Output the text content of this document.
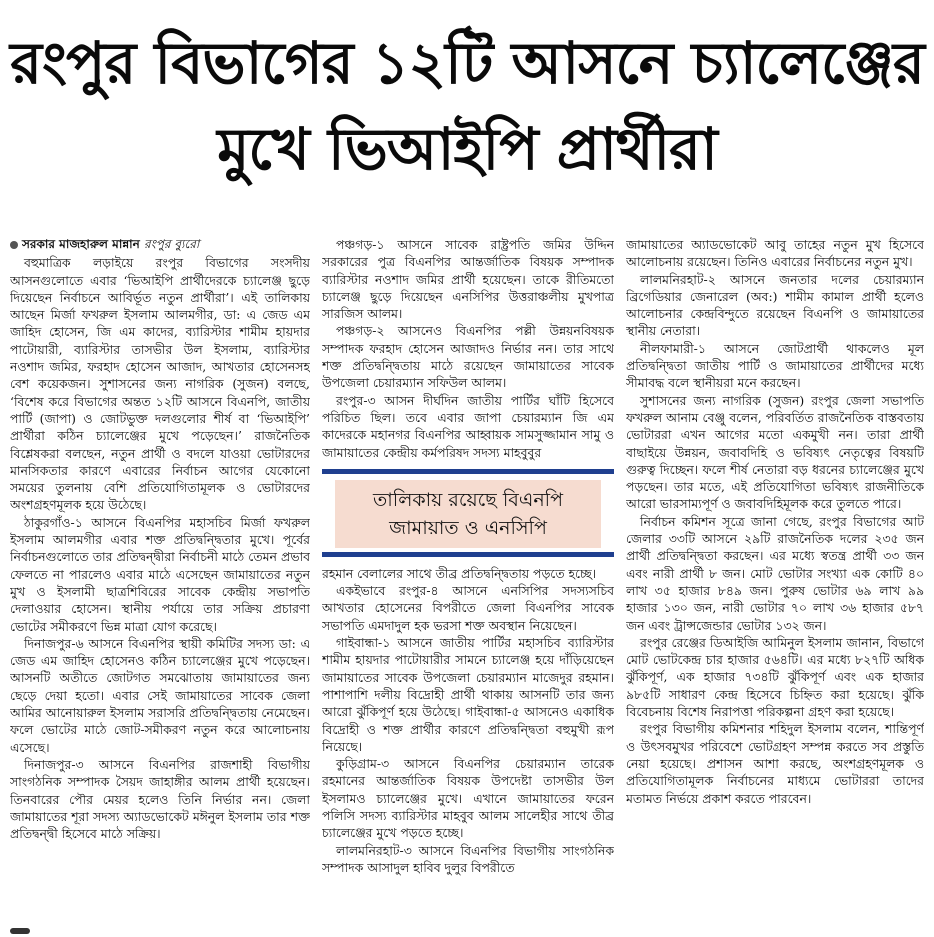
রংপুর বিভাগের ১২টি আসনে চ্যালেঞ্জের
মুখে ভিআইপি প্রার্থীরা
সরকার মাজহারুল মান্নান রংপুর ব্যুরো

বহুমাত্রিক লড়াইয়ে রংপুর বিভাগের সংসদীয় আসনগুলোতে এবার ‘ভিআইপি প্রার্থীদেরকে চ্যালেঞ্জ ছুড়ে দিয়েছেন নির্বাচনে আবির্ভূত নতুন প্রার্থীরা’। এই তালিকায় আছেন মির্জা ফখরুল ইসলাম আলমগীর, ডা: এ জেড এম জাহিদ হোসেন, জি এম কাদের, ব্যারিস্টার শামীম হায়দার পাটোয়ারী, ব্যারিস্টার তাসভীর উল ইসলাম, ব্যারিস্টার নওশাদ জমির, ফরহাদ হোসেন আজাদ, আখতার হোসেনসহ বেশ কয়েকজন। সুশাসনের জন্য নাগরিক (সুজন) বলছে, ‘বিশেষ করে বিভাগের অন্তত ১২টি আসনে বিএনপি, জাতীয় পার্টি (জাপা) ও জোটভুক্ত দলগুলোর শীর্ষ বা ‘ভিআইপি’ প্রার্থীরা কঠিন চ্যালেঞ্জের মুখে পড়েছেন।’ রাজনৈতিক বিশ্লেষকরা বলছেন, নতুন প্রার্থী ও বদলে যাওয়া ভোটারদের মানসিকতার কারণে এবারের নির্বাচন আগের যেকোনো সময়ের তুলনায় বেশি প্রতিযোগিতামূলক ও ভোটারদের অংশগ্রহণমূলক হয়ে উঠেছে।

ঠাকুরগাঁও-১ আসনে বিএনপির মহাসচিব মির্জা ফখরুল ইসলাম আলমগীর এবার শক্ত প্রতিদ্বন্দ্বিতার মুখে। পূর্বের নির্বাচনগুলোতে তার প্রতিদ্বন্দ্বীরা নির্বাচনী মাঠে তেমন প্রভাব ফেলতে না পারলেও এবার মাঠে এসেছেন জামায়াতের নতুন মুখ ও ইসলামী ছাত্রশিবিরের সাবেক কেন্দ্রীয় সভাপতি দেলাওয়ার হোসেন। স্থানীয় পর্যায়ে তার সক্রিয় প্রচারণা ভোটের সমীকরণে ভিন্ন মাত্রা যোগ করেছে।

দিনাজপুর-৬ আসনে বিএনপির স্থায়ী কমিটির সদস্য ডা: এ জেড এম জাহিদ হোসেনও কঠিন চ্যালেঞ্জের মুখে পড়েছেন। আসনটি অতীতে জোটগত সমঝোতায় জামায়াতের জন্য ছেড়ে দেয়া হতো। এবার সেই জামায়াতের সাবেক জেলা আমির আনোয়ারুল ইসলাম সরাসরি প্রতিদ্বন্দ্বিতায় নেমেছেন। ফলে ভোটের মাঠে জোট-সমীকরণ নতুন করে আলোচনায় এসেছে।

দিনাজপুর-৩ আসনে বিএনপির রাজশাহী বিভাগীয় সাংগঠনিক সম্পাদক সৈয়দ জাহাঙ্গীর আলম প্রার্থী হয়েছেন। তিনবারের পৌর মেয়র হলেও তিনি নির্ভার নন। জেলা জামায়াতের শূরা সদস্য অ্যাডভোকেট মঈনুল ইসলাম তার শক্ত প্রতিদ্বন্দ্বী হিসেবে মাঠে সক্রিয়।

পঞ্চগড়-১ আসনে সাবেক রাষ্ট্রপতি জমির উদ্দিন সরকারের পুত্র বিএনপির আন্তর্জাতিক বিষয়ক সম্পাদক ব্যারিস্টার নওশাদ জমির প্রার্থী হয়েছেন। তাকে রীতিমতো চ্যালেঞ্জ ছুড়ে দিয়েছেন এনসিপির উত্তরাঞ্চলীয় মুখপাত্র সারজিস আলম।

পঞ্চগড়-২ আসনেও বিএনপির পল্লী উন্নয়নবিষয়ক সম্পাদক ফরহাদ হোসেন আজাদও নির্ভার নন। তার সাথে শক্ত প্রতিদ্বন্দ্বিতায় মাঠে রয়েছেন জামায়াতের সাবেক উপজেলা চেয়ারম্যান সফিউল আলম।

রংপুর-৩ আসন দীর্ঘদিন জাতীয় পার্টির ঘাঁটি হিসেবে পরিচিত ছিল। তবে এবার জাপা চেয়ারম্যান জি এম কাদেরকে মহানগর বিএনপির আহ্বায়ক সামসুজ্জামান সামু ও জামায়াতের কেন্দ্রীয় কর্মপরিষদ সদস্য মাহবুবুর

তালিকায় রয়েছে বিএনপি জামায়াত ও এনসিপি

রহমান বেলালের সাথে তীব্র প্রতিদ্বন্দ্বিতায় পড়তে হচ্ছে।

একইভাবে রংপুর-৪ আসনে এনসিপির সদস্যসচিব আখতার হোসেনের বিপরীতে জেলা বিএনপির সাবেক সভাপতি এমদাদুল হক ভরসা শক্ত অবস্থান নিয়েছেন।

গাইবান্ধা-১ আসনে জাতীয় পার্টির মহাসচিব ব্যারিস্টার শামীম হায়দার পাটোয়ারীর সামনে চ্যালেঞ্জ হয়ে দাঁড়িয়েছেন জামায়াতের সাবেক উপজেলা চেয়ারম্যান মাজেদুর রহমান। পাশাপাশি দলীয় বিদ্রোহী প্রার্থী থাকায় আসনটি তার জন্য আরো ঝুঁকিপূর্ণ হয়ে উঠেছে। গাইবান্ধা-৫ আসনেও একাধিক বিদ্রোহী ও শক্ত প্রার্থীর কারণে প্রতিদ্বন্দ্বিতা বহুমুখী রূপ নিয়েছে।

কুড়িগ্রাম-৩ আসনে বিএনপির চেয়ারম্যান তারেক রহমানের আন্তর্জাতিক বিষয়ক উপদেষ্টা তাসভীর উল ইসলামও চ্যালেঞ্জের মুখে। এখানে জামায়াতের ফরেন পলিসি সদস্য ব্যারিস্টার মাহবুব আলম সালেহীর সাথে তীব্র চ্যালেঞ্জের মুখে পড়তে হচ্ছে।

লালমনিরহাট-৩ আসনে বিএনপির বিভাগীয় সাংগঠনিক সম্পাদক আসাদুল হাবিব দুলুর বিপরীতে

জামায়াতের অ্যাডভোকেট আবু তাহের নতুন মুখ হিসেবে আলোচনায় রয়েছেন। তিনিও এবারের নির্বাচনের নতুন মুখ।

লালমনিরহাট-২ আসনে জনতার দলের চেয়ারম্যান ব্রিগেডিয়ার জেনারেল (অব:) শামীম কামাল প্রার্থী হলেও আলোচনার কেন্দ্রবিন্দুতে রয়েছেন বিএনপি ও জামায়াতের স্থানীয় নেতারা।

নীলফামারী-১ আসনে জোটপ্রার্থী থাকলেও মূল প্রতিদ্বন্দ্বিতা জাতীয় পার্টি ও জামায়াতের প্রার্থীদের মধ্যে সীমাবদ্ধ বলে স্থানীয়রা মনে করছেন।

সুশাসনের জন্য নাগরিক (সুজন) রংপুর জেলা সভাপতি ফখরুল আনাম বেঞ্জু বলেন, পরিবর্তিত রাজনৈতিক বাস্তবতায় ভোটাররা এখন আগের মতো একমুখী নন। তারা প্রার্থী বাছাইয়ে উন্নয়ন, জবাবদিহি ও ভবিষ্যৎ নেতৃত্বের বিষয়টি গুরুত্ব দিচ্ছেন। ফলে শীর্ষ নেতারা বড় ধরনের চ্যালেঞ্জের মুখে পড়ছেন। তার মতে, এই প্রতিযোগিতা ভবিষ্যৎ রাজনীতিকে আরো ভারসাম্যপূর্ণ ও জবাবদিহিমূলক করে তুলতে পারে।

নির্বাচন কমিশন সূত্রে জানা গেছে, রংপুর বিভাগের আট জেলার ৩৩টি আসনে ২৯টি রাজনৈতিক দলের ২৩৫ জন প্রার্থী প্রতিদ্বন্দ্বিতা করছেন। এর মধ্যে স্বতন্ত্র প্রার্থী ৩৩ জন এবং নারী প্রার্থী ৮ জন। মোট ভোটার সংখ্যা এক কোটি ৪০ লাখ ৩৫ হাজার ৮৪৯ জন। পুরুষ ভোটার ৬৯ লাখ ৯৯ হাজার ১৩০ জন, নারী ভোটার ৭০ লাখ ৩৬ হাজার ৫৮৭ জন এবং ট্রান্সজেন্ডার ভোটার ১৩২ জন।

রংপুর রেঞ্জের ডিআইজি আমিনুল ইসলাম জানান, বিভাগে মোট ভোটকেন্দ্র চার হাজার ৫৬৪টি। এর মধ্যে ৮২৭টি অধিক ঝুঁকিপূর্ণ, এক হাজার ৭৩৪টি ঝুঁকিপূর্ণ এবং এক হাজার ৯৮৫টি সাধারণ কেন্দ্র হিসেবে চিহ্নিত করা হয়েছে। ঝুঁকি বিবেচনায় বিশেষ নিরাপত্তা পরিকল্পনা গ্রহণ করা হয়েছে।

রংপুর বিভাগীয় কমিশনার শহিদুল ইসলাম বলেন, শান্তিপূর্ণ ও উৎসবমুখর পরিবেশে ভোটগ্রহণ সম্পন্ন করতে সব প্রস্তুতি নেয়া হয়েছে। প্রশাসন আশা করছে, অংশগ্রহণমূলক ও প্রতিযোগিতামূলক নির্বাচনের মাধ্যমে ভোটাররা তাদের মতামত নির্ভয়ে প্রকাশ করতে পারবেন।
